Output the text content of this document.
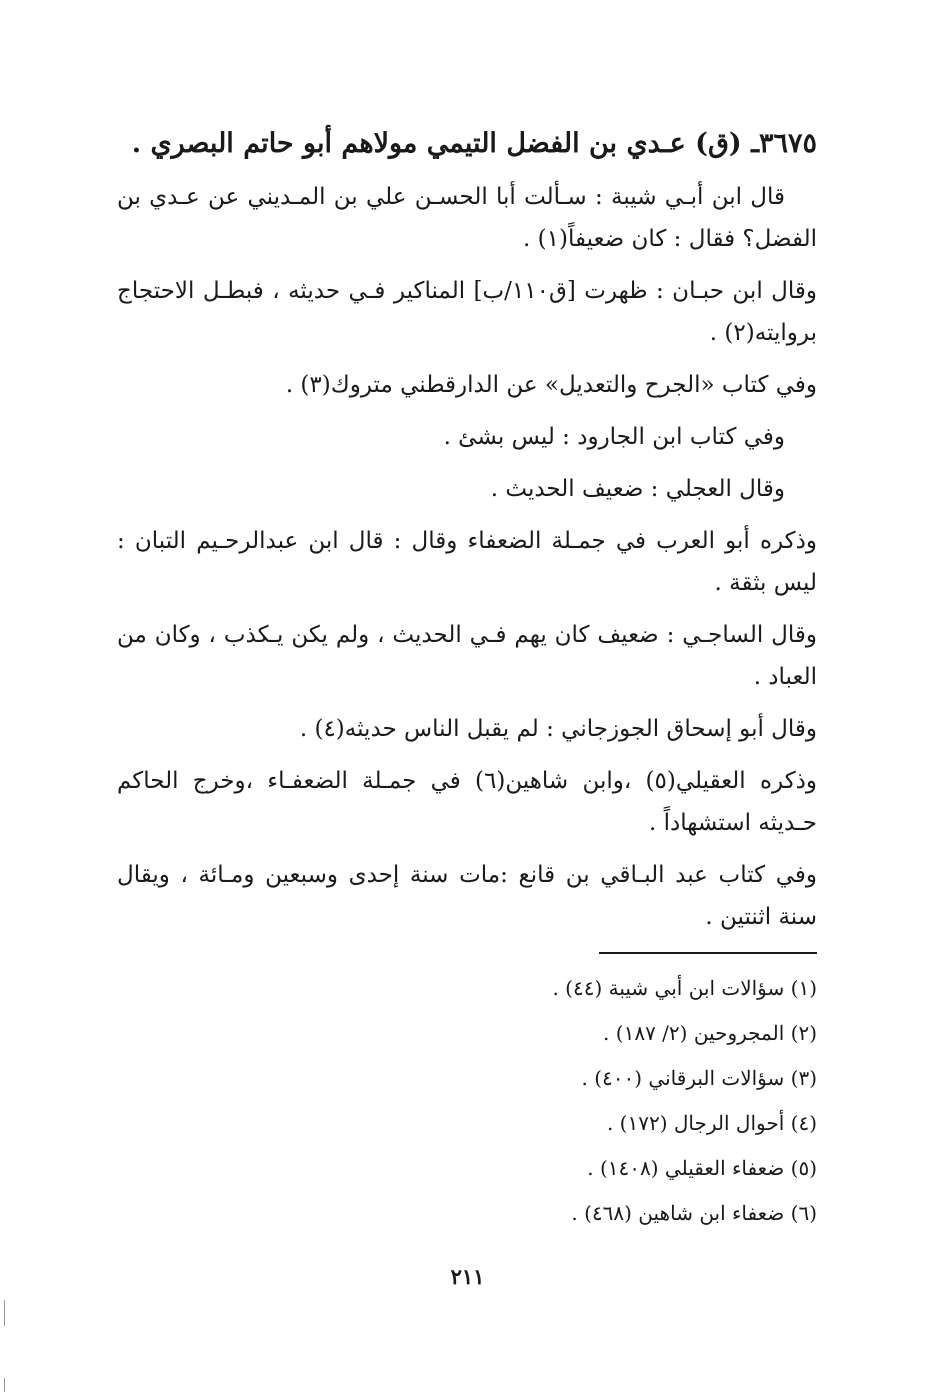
٣٦٧٥ـ (ق) عـدي بن الفضل التيمي مولاهم أبو حاتم البصري .

قال ابن أبـي شيبة : سـألت أبا الحسـن علي بن المـديني عن عـدي بن الفضل؟ فقال : كان ضعيفاً(١) .

وقال ابن حبـان : ظهرت [ق١١٠/ب] المناكير فـي حديثه ، فبطـل الاحتجاج بروايته(٢) .

وفي كتاب «الجرح والتعديل» عن الدارقطني متروك(٣) .

وفي كتاب ابن الجارود : ليس بشئ .

وقال العجلي : ضعيف الحديث .

وذكره أبو العرب في جمـلة الضعفاء وقال : قال ابن عبدالرحـيم التبان : ليس بثقة .

وقال الساجـي : ضعيف كان يهم فـي الحديث ، ولم يكن يـكذب ، وكان من العباد .

وقال أبو إسحاق الجوزجاني : لم يقبل الناس حديثه(٤) .

وذكره العقيلي(٥) ،وابن شاهين(٦) في جمـلة الضعفـاء ،وخرج الحاكم حـديثه استشهاداً .

وفي كتاب عبد البـاقي بن قانع :مات سنة إحدى وسبعين ومـائة ، ويقال سنة اثنتين .

(١) سؤالات ابن أبي شيبة (٤٤) .
(٢) المجروحين (٢/ ١٨٧) .
(٣) سؤالات البرقاني (٤٠٠) .
(٤) أحوال الرجال (١٧٢) .
(٥) ضعفاء العقيلي (١٤٠٨) .
(٦) ضعفاء ابن شاهين (٤٦٨) .
٢١١
